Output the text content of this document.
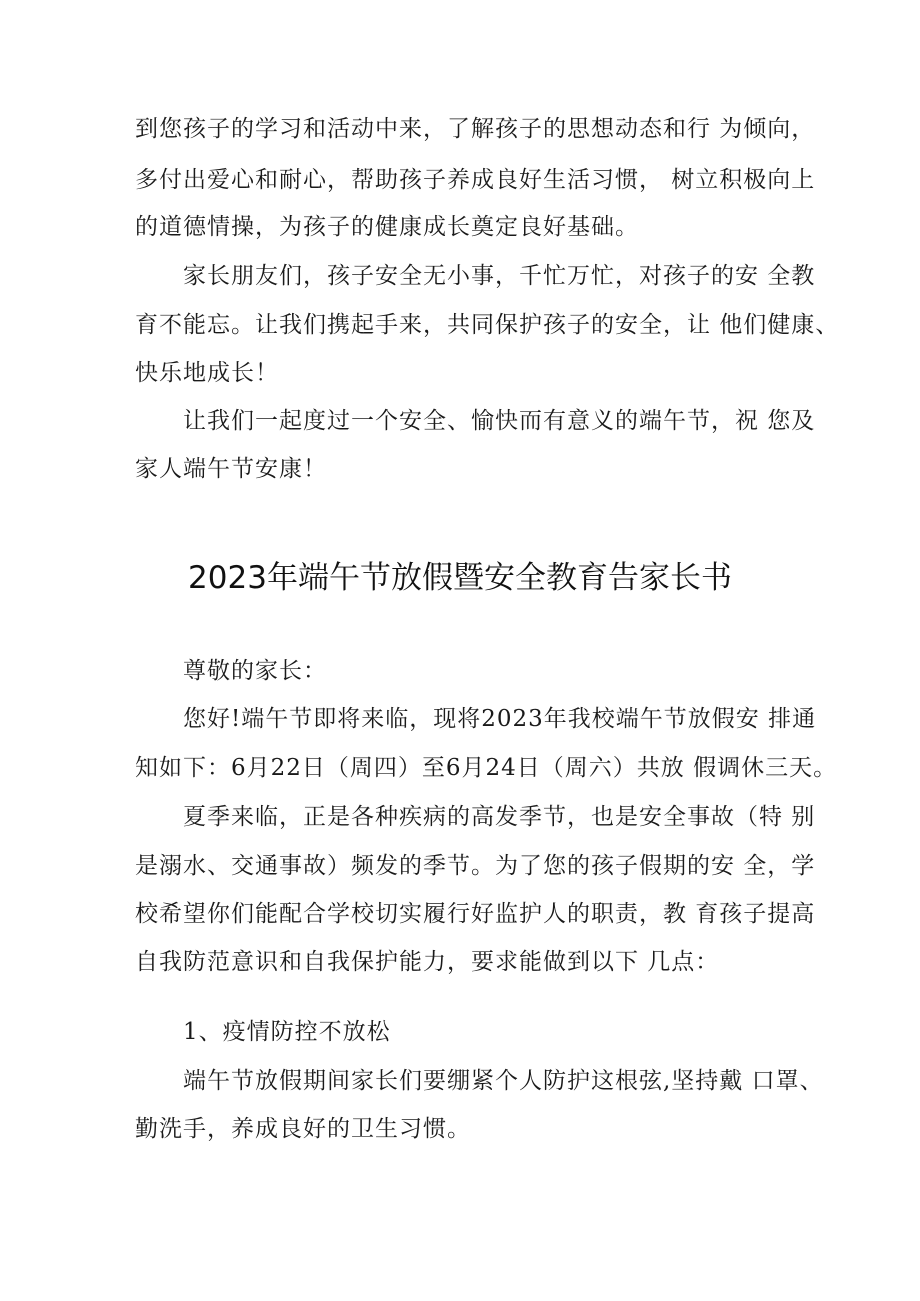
到您孩子的学习和活动中来，了解孩子的思想动态和行 为倾向，
多付出爱心和耐心，帮助孩子养成良好生活习惯， 树立积极向上
的道德情操，为孩子的健康成长奠定良好基础。
家长朋友们，孩子安全无小事，千忙万忙，对孩子的安 全教
育不能忘。让我们携起手来，共同保护孩子的安全，让 他们健康、
快乐地成长！
让我们一起度过一个安全、愉快而有意义的端午节，祝 您及
家人端午节安康！
2023年端午节放假暨安全教育告家长书
尊敬的家长：
您好!端午节即将来临，现将2023年我校端午节放假安 排通
知如下：6月22日（周四）至6月24日（周六）共放 假调休三天。
夏季来临，正是各种疾病的高发季节，也是安全事故（特 别
是溺水、交通事故）频发的季节。为了您的孩子假期的安 全，学
校希望你们能配合学校切实履行好监护人的职责，教 育孩子提高
自我防范意识和自我保护能力，要求能做到以下 几点：
1、疫情防控不放松
端午节放假期间家长们要绷紧个人防护这根弦,坚持戴 口罩、
勤洗手，养成良好的卫生习惯。
